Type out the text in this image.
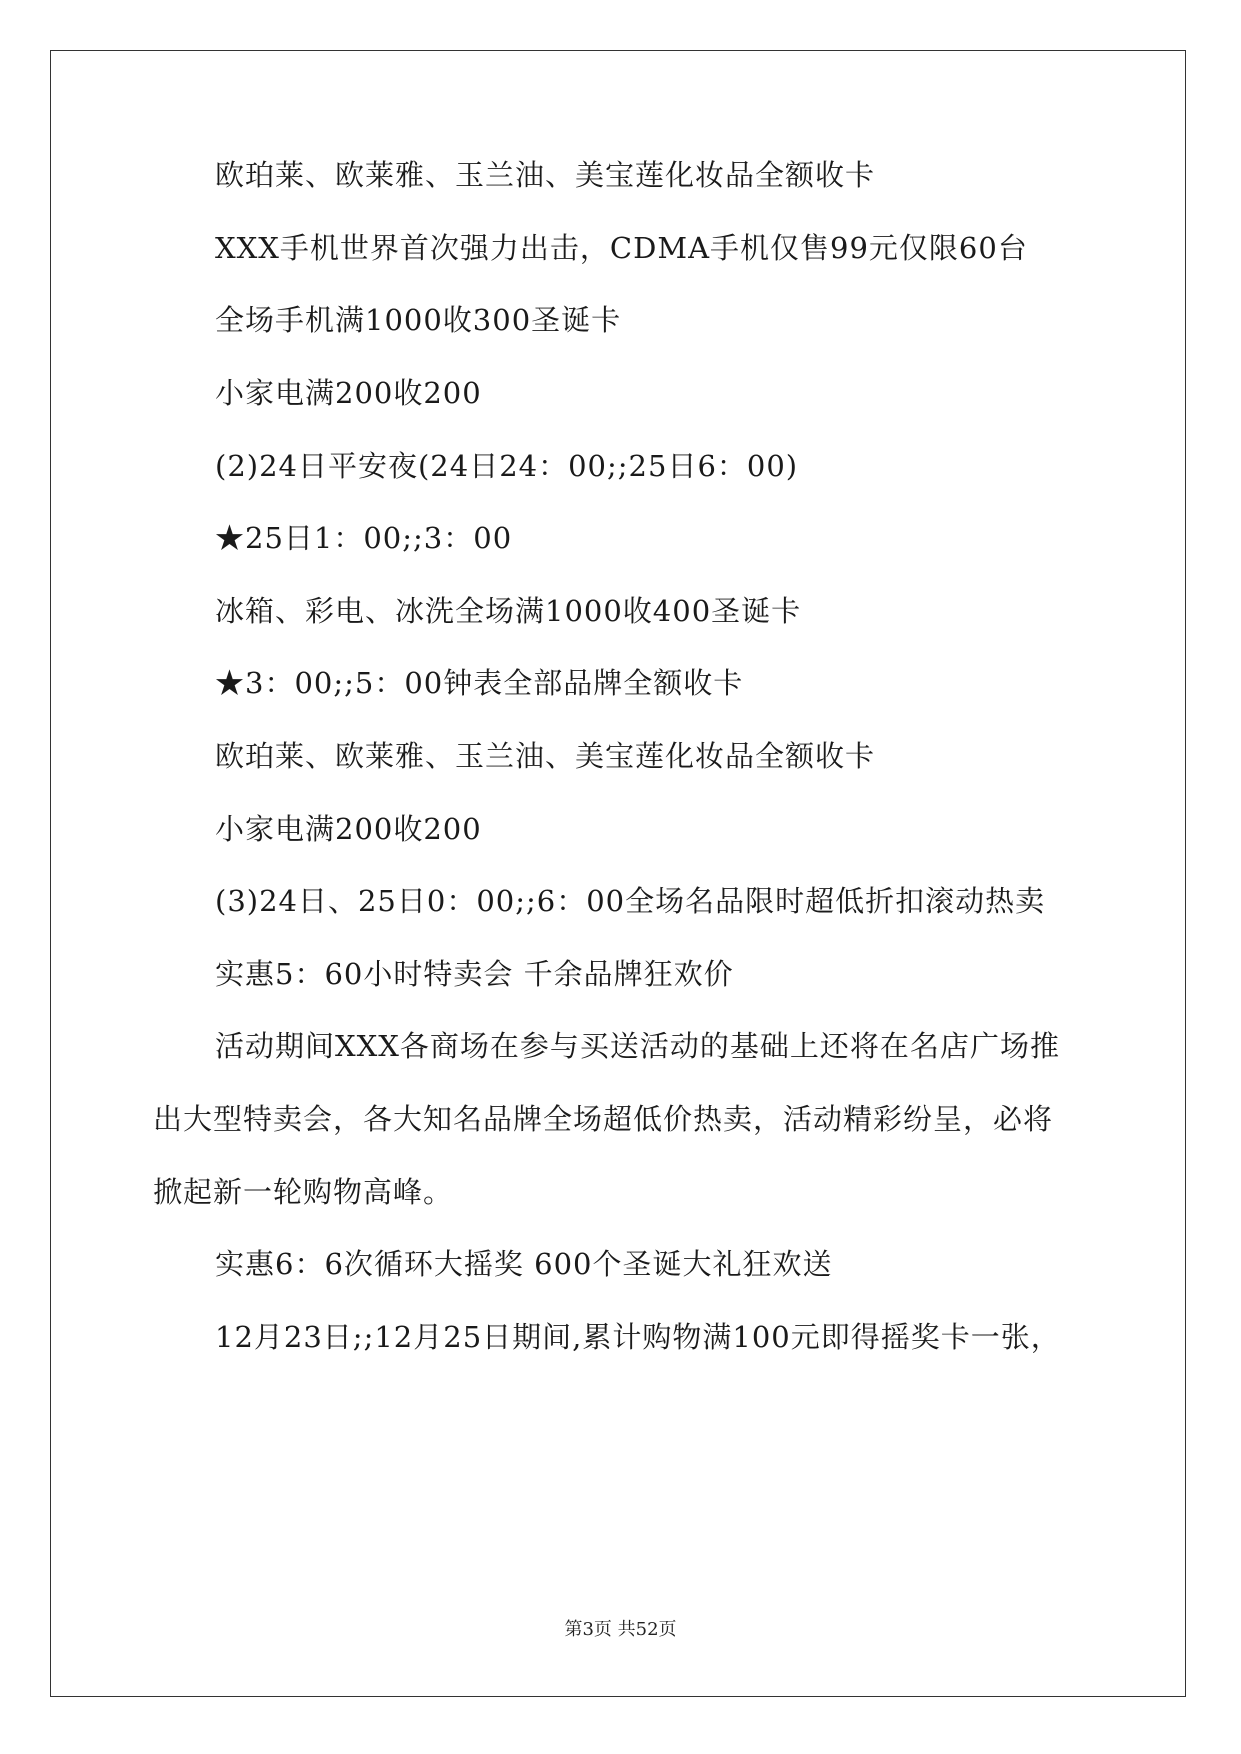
欧珀莱、欧莱雅、玉兰油、美宝莲化妆品全额收卡
XXX手机世界首次强力出击，CDMA手机仅售99元仅限60台
全场手机满1000收300圣诞卡
小家电满200收200
(2)24日平安夜(24日24：00;;25日6：00)
★25日1：00;;3：00
冰箱、彩电、冰洗全场满1000收400圣诞卡
★3：00;;5：00钟表全部品牌全额收卡
欧珀莱、欧莱雅、玉兰油、美宝莲化妆品全额收卡
小家电满200收200
(3)24日、25日0：00;;6：00全场名品限时超低折扣滚动热卖
实惠5：60小时特卖会 千余品牌狂欢价
活动期间XXX各商场在参与买送活动的基础上还将在名店广场推
出大型特卖会，各大知名品牌全场超低价热卖，活动精彩纷呈，必将
掀起新一轮购物高峰。
实惠6：6次循环大摇奖 600个圣诞大礼狂欢送
12月23日;;12月25日期间,累计购物满100元即得摇奖卡一张，
第3页 共52页
